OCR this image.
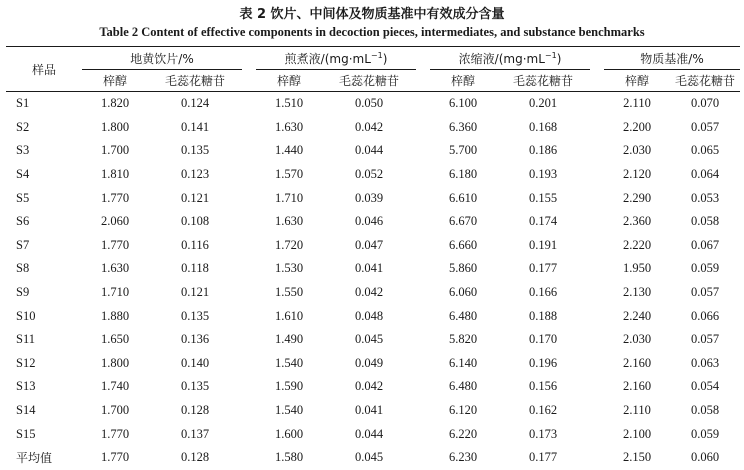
表 2 饮片、中间体及物质基准中有效成分含量
Table 2 Content of effective components in decoction pieces, intermediates, and substance benchmarks
样品	地黄饮片/%			煎煮液$/(mg\cdot mL^{-1})$			浓缩液$/(mg\cdot mL^{-1})$			物质基准/%	
	梓醇	毛蕊花糖苷		梓醇	毛蕊花糖苷		梓醇	毛蕊花糖苷		梓醇	毛蕊花糖苷
S1	1.820	0.124		1.510	0.050		6.100	0.201		2.110	0.070
S2	1.800	0.141		1.630	0.042		6.360	0.168		2.200	0.057
S3	1.700	0.135		1.440	0.044		5.700	0.186		2.030	0.065
S4	1.810	0.123		1.570	0.052		6.180	0.193		2.120	0.064
S5	1.770	0.121		1.710	0.039		6.610	0.155		2.290	0.053
S6	2.060	0.108		1.630	0.046		6.670	0.174		2.360	0.058
S7	1.770	0.116		1.720	0.047		6.660	0.191		2.220	0.067
S8	1.630	0.118		1.530	0.041		5.860	0.177		1.950	0.059
S9	1.710	0.121		1.550	0.042		6.060	0.166		2.130	0.057
S10	1.880	0.135		1.610	0.048		6.480	0.188		2.240	0.066
S11	1.650	0.136		1.490	0.045		5.820	0.170		2.030	0.057
S12	1.800	0.140		1.540	0.049		6.140	0.196		2.160	0.063
S13	1.740	0.135		1.590	0.042		6.480	0.156		2.160	0.054
S14	1.700	0.128		1.540	0.041		6.120	0.162		2.110	0.058
S15	1.770	0.137		1.600	0.044		6.220	0.173		2.100	0.059
平均值	1.770	0.128		1.580	0.045		6.230	0.177		2.150	0.060
